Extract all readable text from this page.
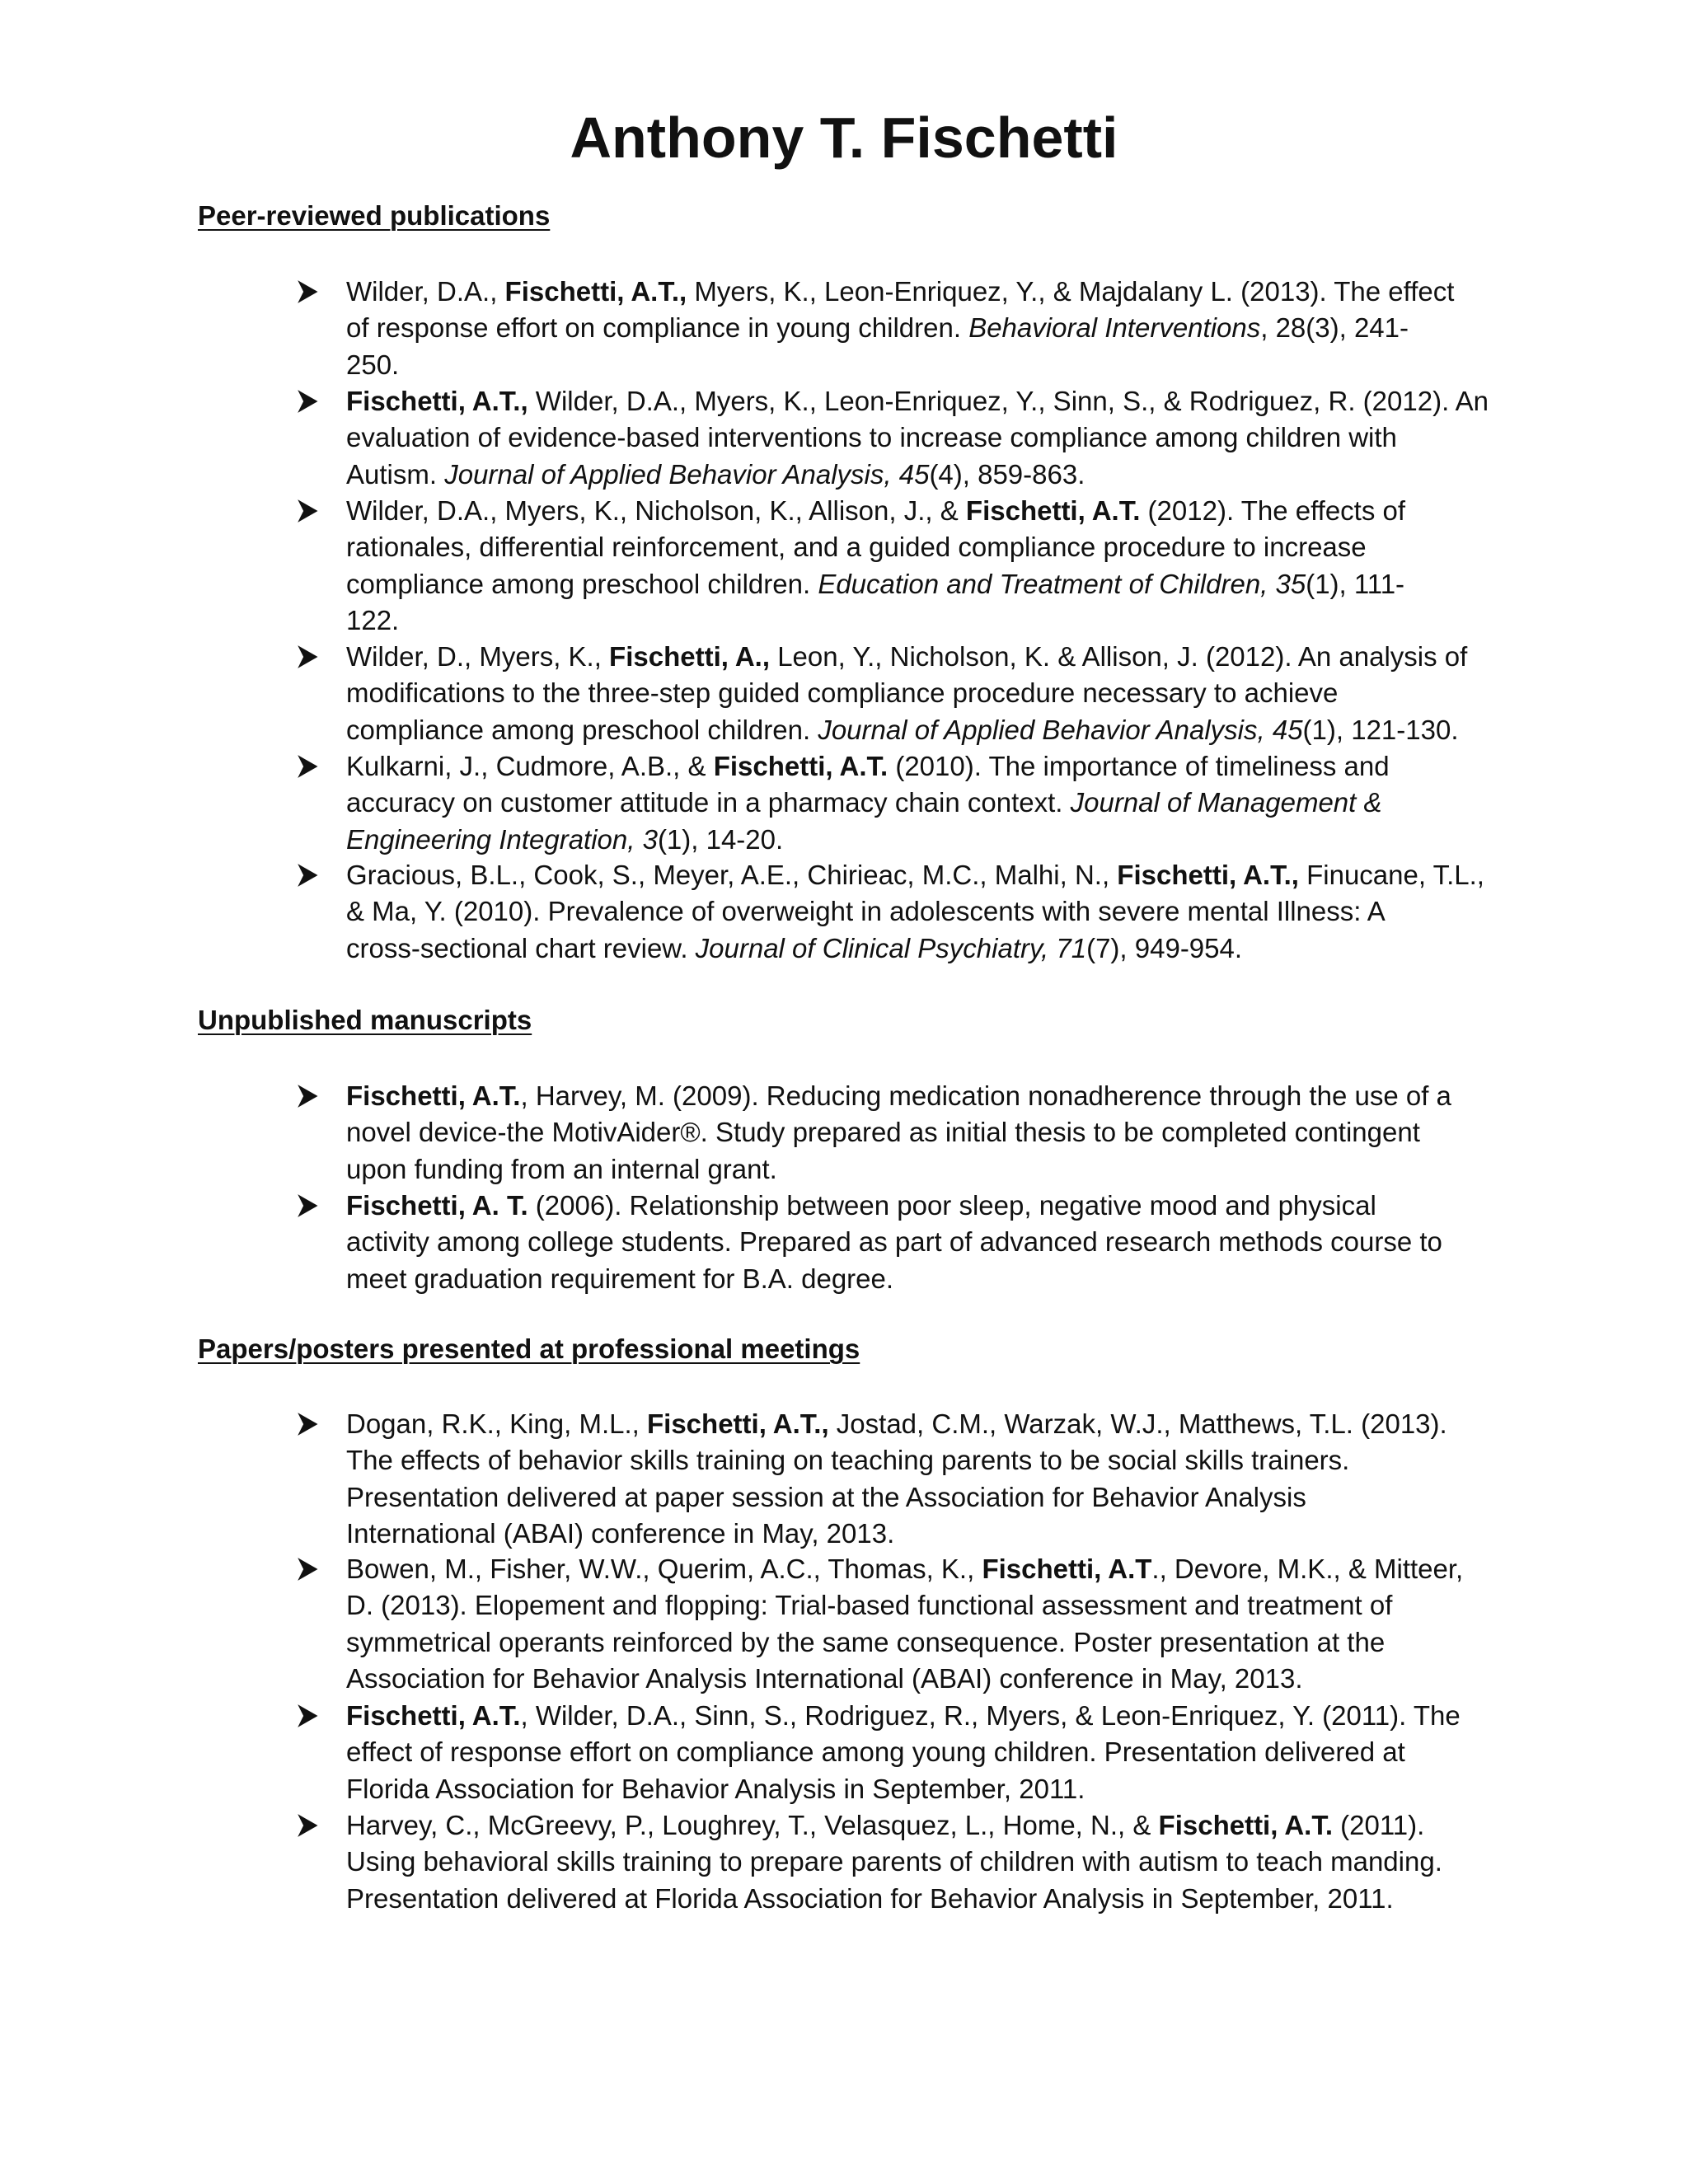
Anthony T. Fischetti
Peer-reviewed publications
Wilder, D.A., Fischetti, A.T., Myers, K., Leon-Enriquez, Y., & Majdalany L. (2013). The effect
of response effort on compliance in young children. Behavioral Interventions, 28(3), 241-
250.
Fischetti, A.T., Wilder, D.A., Myers, K., Leon-Enriquez, Y., Sinn, S., & Rodriguez, R. (2012). An
evaluation of evidence-based interventions to increase compliance among children with
Autism. Journal of Applied Behavior Analysis, 45(4), 859-863.
Wilder, D.A., Myers, K., Nicholson, K., Allison, J., & Fischetti, A.T. (2012). The effects of
rationales, differential reinforcement, and a guided compliance procedure to increase
compliance among preschool children. Education and Treatment of Children, 35(1), 111-
122.
Wilder, D., Myers, K., Fischetti, A., Leon, Y., Nicholson, K. & Allison, J. (2012). An analysis of
modifications to the three-step guided compliance procedure necessary to achieve
compliance among preschool children. Journal of Applied Behavior Analysis, 45(1), 121-130.
Kulkarni, J., Cudmore, A.B., & Fischetti, A.T. (2010). The importance of timeliness and
accuracy on customer attitude in a pharmacy chain context. Journal of Management &
Engineering Integration, 3(1), 14-20.
Gracious, B.L., Cook, S., Meyer, A.E., Chirieac, M.C., Malhi, N., Fischetti, A.T., Finucane, T.L.,
& Ma, Y. (2010). Prevalence of overweight in adolescents with severe mental Illness: A
cross-sectional chart review. Journal of Clinical Psychiatry, 71(7), 949-954.
Unpublished manuscripts
Fischetti, A.T., Harvey, M. (2009). Reducing medication nonadherence through the use of a
novel device-the MotivAider®. Study prepared as initial thesis to be completed contingent
upon funding from an internal grant.
Fischetti, A. T. (2006). Relationship between poor sleep, negative mood and physical
activity among college students. Prepared as part of advanced research methods course to
meet graduation requirement for B.A. degree.
Papers/posters presented at professional meetings
Dogan, R.K., King, M.L., Fischetti, A.T., Jostad, C.M., Warzak, W.J., Matthews, T.L. (2013).
The effects of behavior skills training on teaching parents to be social skills trainers.
Presentation delivered at paper session at the Association for Behavior Analysis
International (ABAI) conference in May, 2013.
Bowen, M., Fisher, W.W., Querim, A.C., Thomas, K., Fischetti, A.T., Devore, M.K., & Mitteer,
D. (2013). Elopement and flopping: Trial-based functional assessment and treatment of
symmetrical operants reinforced by the same consequence. Poster presentation at the
Association for Behavior Analysis International (ABAI) conference in May, 2013.
Fischetti, A.T., Wilder, D.A., Sinn, S., Rodriguez, R., Myers, & Leon-Enriquez, Y. (2011). The
effect of response effort on compliance among young children. Presentation delivered at
Florida Association for Behavior Analysis in September, 2011.
Harvey, C., McGreevy, P., Loughrey, T., Velasquez, L., Home, N., & Fischetti, A.T. (2011).
Using behavioral skills training to prepare parents of children with autism to teach manding.
Presentation delivered at Florida Association for Behavior Analysis in September, 2011.
